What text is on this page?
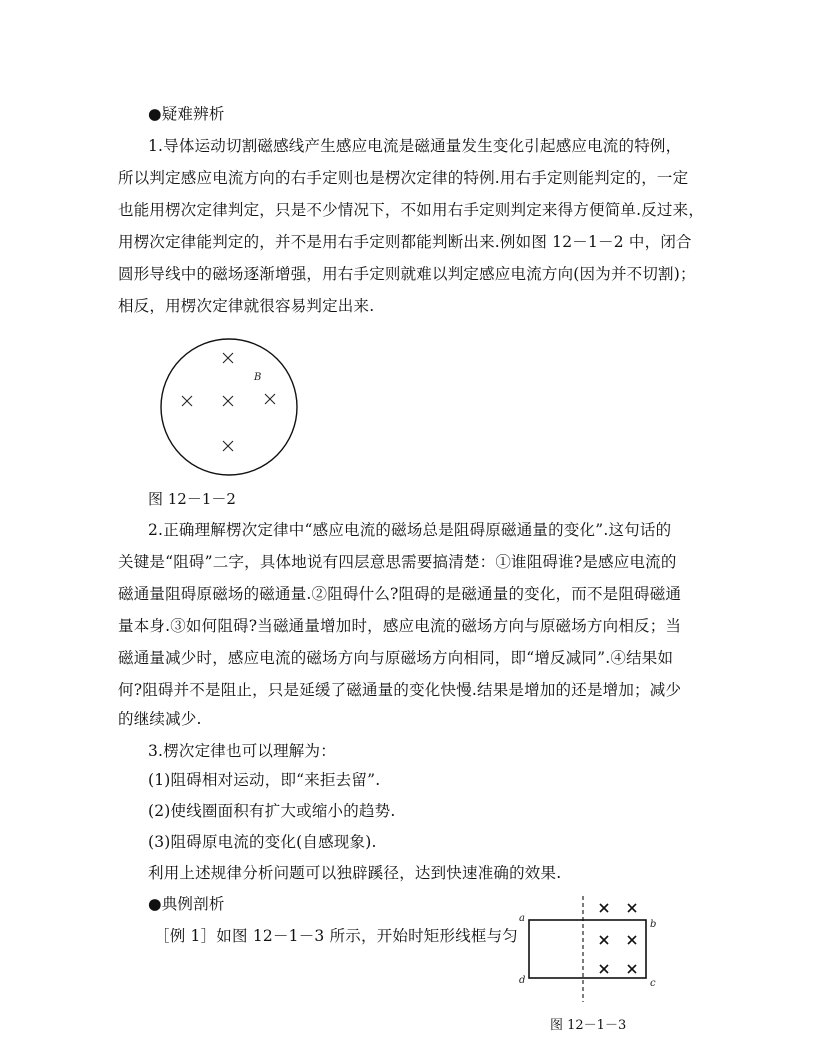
●疑难辨析
1.导体运动切割磁感线产生感应电流是磁通量发生变化引起感应电流的特例，
所以判定感应电流方向的右手定则也是楞次定律的特例.用右手定则能判定的，一定
也能用楞次定律判定，只是不少情况下，不如用右手定则判定来得方便简单.反过来，
用楞次定律能判定的，并不是用右手定则都能判断出来.例如图 12－1－2 中，闭合
圆形导线中的磁场逐渐增强，用右手定则就难以判定感应电流方向(因为并不切割)；
相反，用楞次定律就很容易判定出来.
B
图 12－1－2
2.正确理解楞次定律中“感应电流的磁场总是阻碍原磁通量的变化”.这句话的
关键是“阻碍”二字，具体地说有四层意思需要搞清楚：①谁阻碍谁?是感应电流的
磁通量阻碍原磁场的磁通量.②阻碍什么?阻碍的是磁通量的变化，而不是阻碍磁通
量本身.③如何阻碍?当磁通量增加时，感应电流的磁场方向与原磁场方向相反；当
磁通量减少时，感应电流的磁场方向与原磁场方向相同，即“增反减同”.④结果如
何?阻碍并不是阻止，只是延缓了磁通量的变化快慢.结果是增加的还是增加；减少
的继续减少.
3.楞次定律也可以理解为：
(1)阻碍相对运动，即“来拒去留”.
(2)使线圈面积有扩大或缩小的趋势.
(3)阻碍原电流的变化(自感现象).
利用上述规律分析问题可以独辟蹊径，达到快速准确的效果.
●典例剖析
［例 1］如图 12－1－3 所示，开始时矩形线框与匀
a
b
c
d
图 12－1－3
